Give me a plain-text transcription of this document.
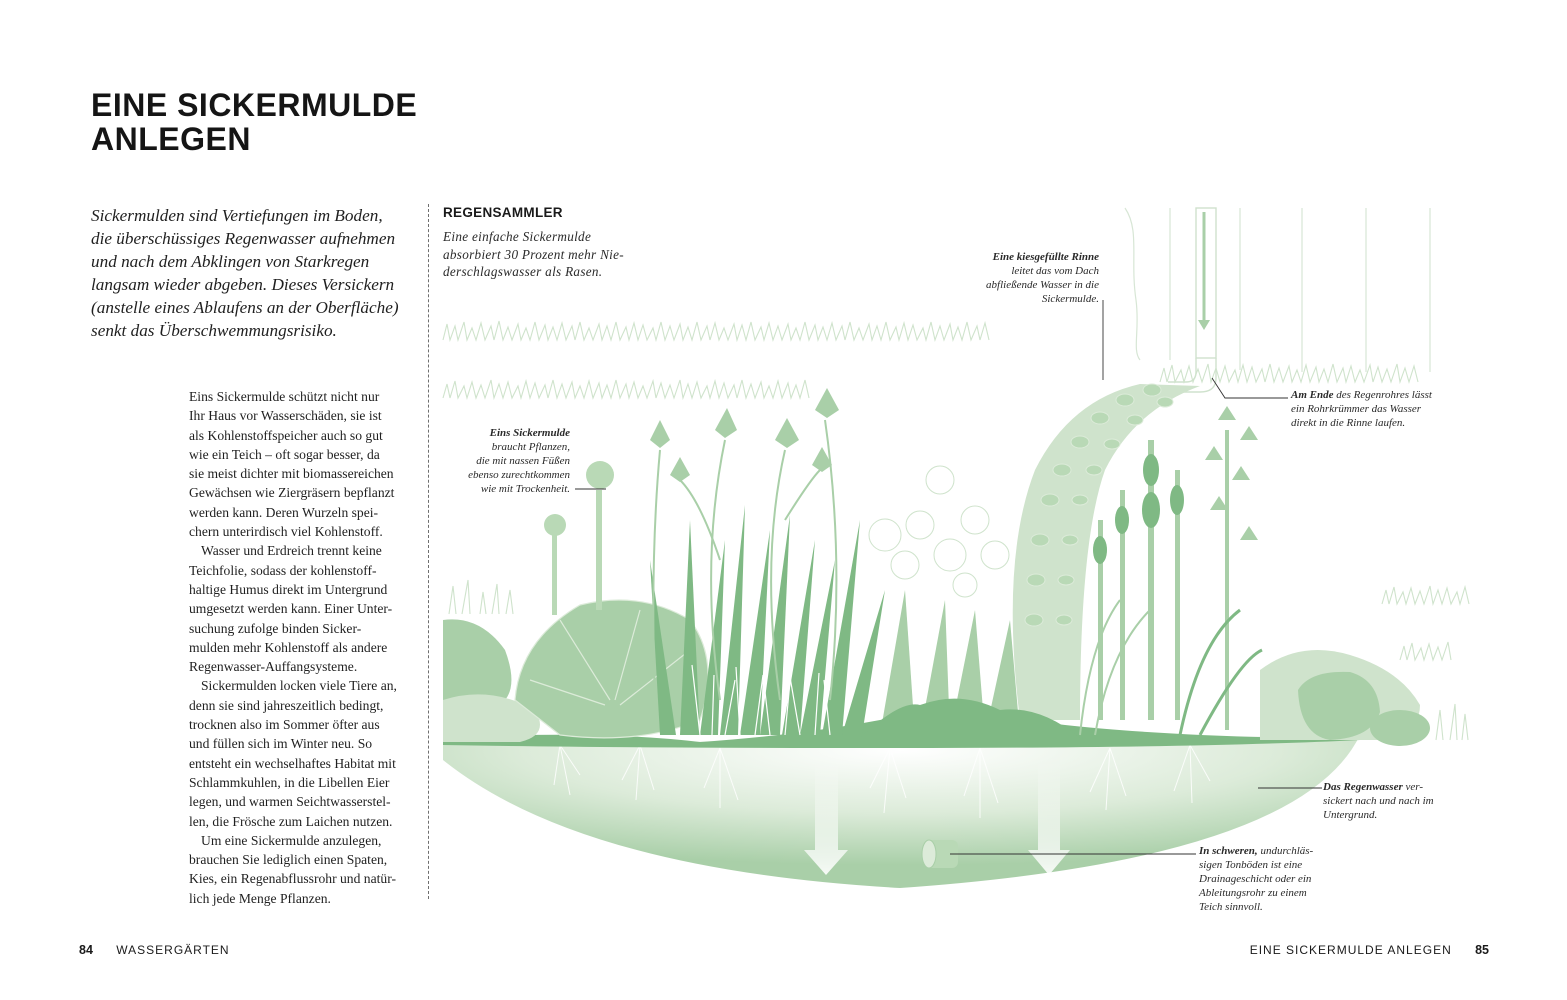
EINE SICKERMULDE
ANLEGEN
Sickermulden sind Vertiefungen im Boden,
die überschüssiges Regenwasser aufnehmen
und nach dem Abklingen von Starkregen
langsam wieder abgeben. Dieses Versickern
(anstelle eines Ablaufens an der Oberfläche)
senkt das Überschwemmungsrisiko.
Eins Sickermulde schützt nicht nur
Ihr Haus vor Wasserschäden, sie ist
als Kohlenstoffspeicher auch so gut
wie ein Teich – oft sogar besser, da
sie meist dichter mit biomassereichen
Gewächsen wie Ziergräsern bepflanzt
werden kann. Deren Wurzeln spei-
chern unterirdisch viel Kohlenstoff.
Wasser und Erdreich trennt keine
Teichfolie, sodass der kohlenstoff-
haltige Humus direkt im Untergrund
umgesetzt werden kann. Einer Unter-
suchung zufolge binden Sicker-
mulden mehr Kohlenstoff als andere
Regenwasser-Auffangsysteme.
Sickermulden locken viele Tiere an,
denn sie sind jahreszeitlich bedingt,
trocknen also im Sommer öfter aus
und füllen sich im Winter neu. So
entsteht ein wechselhaftes Habitat mit
Schlammkuhlen, in die Libellen Eier
legen, und warmen Seichtwasserstel-
len, die Frösche zum Laichen nutzen.
Um eine Sickermulde anzulegen,
brauchen Sie lediglich einen Spaten,
Kies, ein Regenabflussrohr und natür-
lich jede Menge Pflanzen.
REGENSAMMLER
Eine einfache Sickermulde
absorbiert 30 Prozent mehr Nie-
derschlagswasser als Rasen.
Eine kiesgefüllte Rinne
leitet das vom Dach
abfließende Wasser in die
Sickermulde.
Am Ende des Regenrohres lässt
ein Rohrkrümmer das Wasser
direkt in die Rinne laufen.
Eins Sickermulde
braucht Pflanzen,
die mit nassen Füßen
ebenso zurechtkommen
wie mit Trockenheit.
Das Regenwasser ver-
sickert nach und nach im
Untergrund.
In schweren, undurchläs-
sigen Tonböden ist eine
Drainageschicht oder ein
Ableitungsrohr zu einem
Teich sinnvoll.
84 WASSERGÄRTEN	EINE SICKERMULDE ANLEGEN 85
